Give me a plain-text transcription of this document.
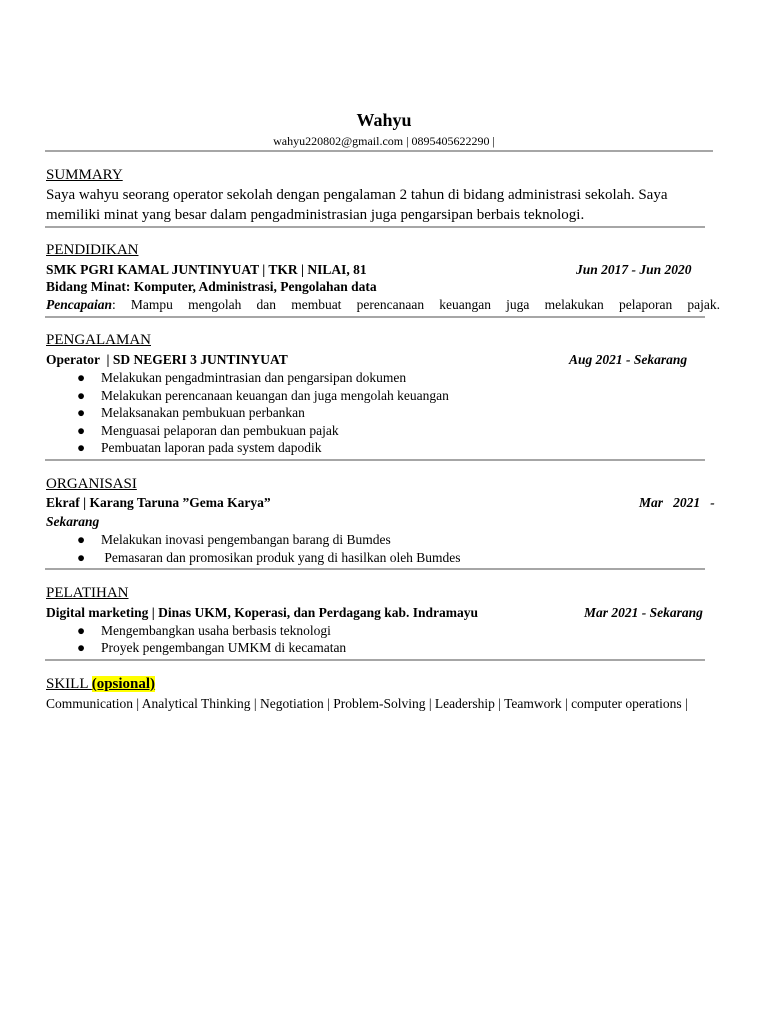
Wahyu
wahyu220802@gmail.com | 0895405622290 |
SUMMARY
Saya wahyu seorang operator sekolah dengan pengalaman 2 tahun di bidang administrasi sekolah. Saya memiliki minat yang besar dalam pengadministrasian juga pengarsipan berbais teknologi.
PENDIDIKAN
SMK PGRI KAMAL JUNTINYUAT | TKR | NILAI, 81	Jun 2017 - Jun 2020
Bidang Minat: Komputer, Administrasi, Pengolahan data
Pencapaian: Mampu mengolah dan membuat perencanaan keuangan juga melakukan pelaporan pajak.
PENGALAMAN
Operator  | SD NEGERI 3 JUNTINYUAT	Aug 2021 - Sekarang
● Melakukan pengadmintrasian dan pengarsipan dokumen
● Melakukan perencanaan keuangan dan juga mengolah keuangan
● Melaksanakan pembukuan perbankan
● Menguasai pelaporan dan pembukuan pajak
● Pembuatan laporan pada system dapodik
ORGANISASI
Ekraf | Karang Taruna ”Gema Karya”	Mar   2021   -
Sekarang
● Melakukan inovasi pengembangan barang di Bumdes
● Pemasaran dan promosikan produk yang di hasilkan oleh Bumdes
PELATIHAN
Digital marketing | Dinas UKM, Koperasi, dan Perdagang kab. Indramayu	Mar 2021 - Sekarang
● Mengembangkan usaha berbasis teknologi
● Proyek pengembangan UMKM di kecamatan
SKILL (opsional)
Communication | Analytical Thinking | Negotiation | Problem-Solving | Leadership | Teamwork | computer operations |
